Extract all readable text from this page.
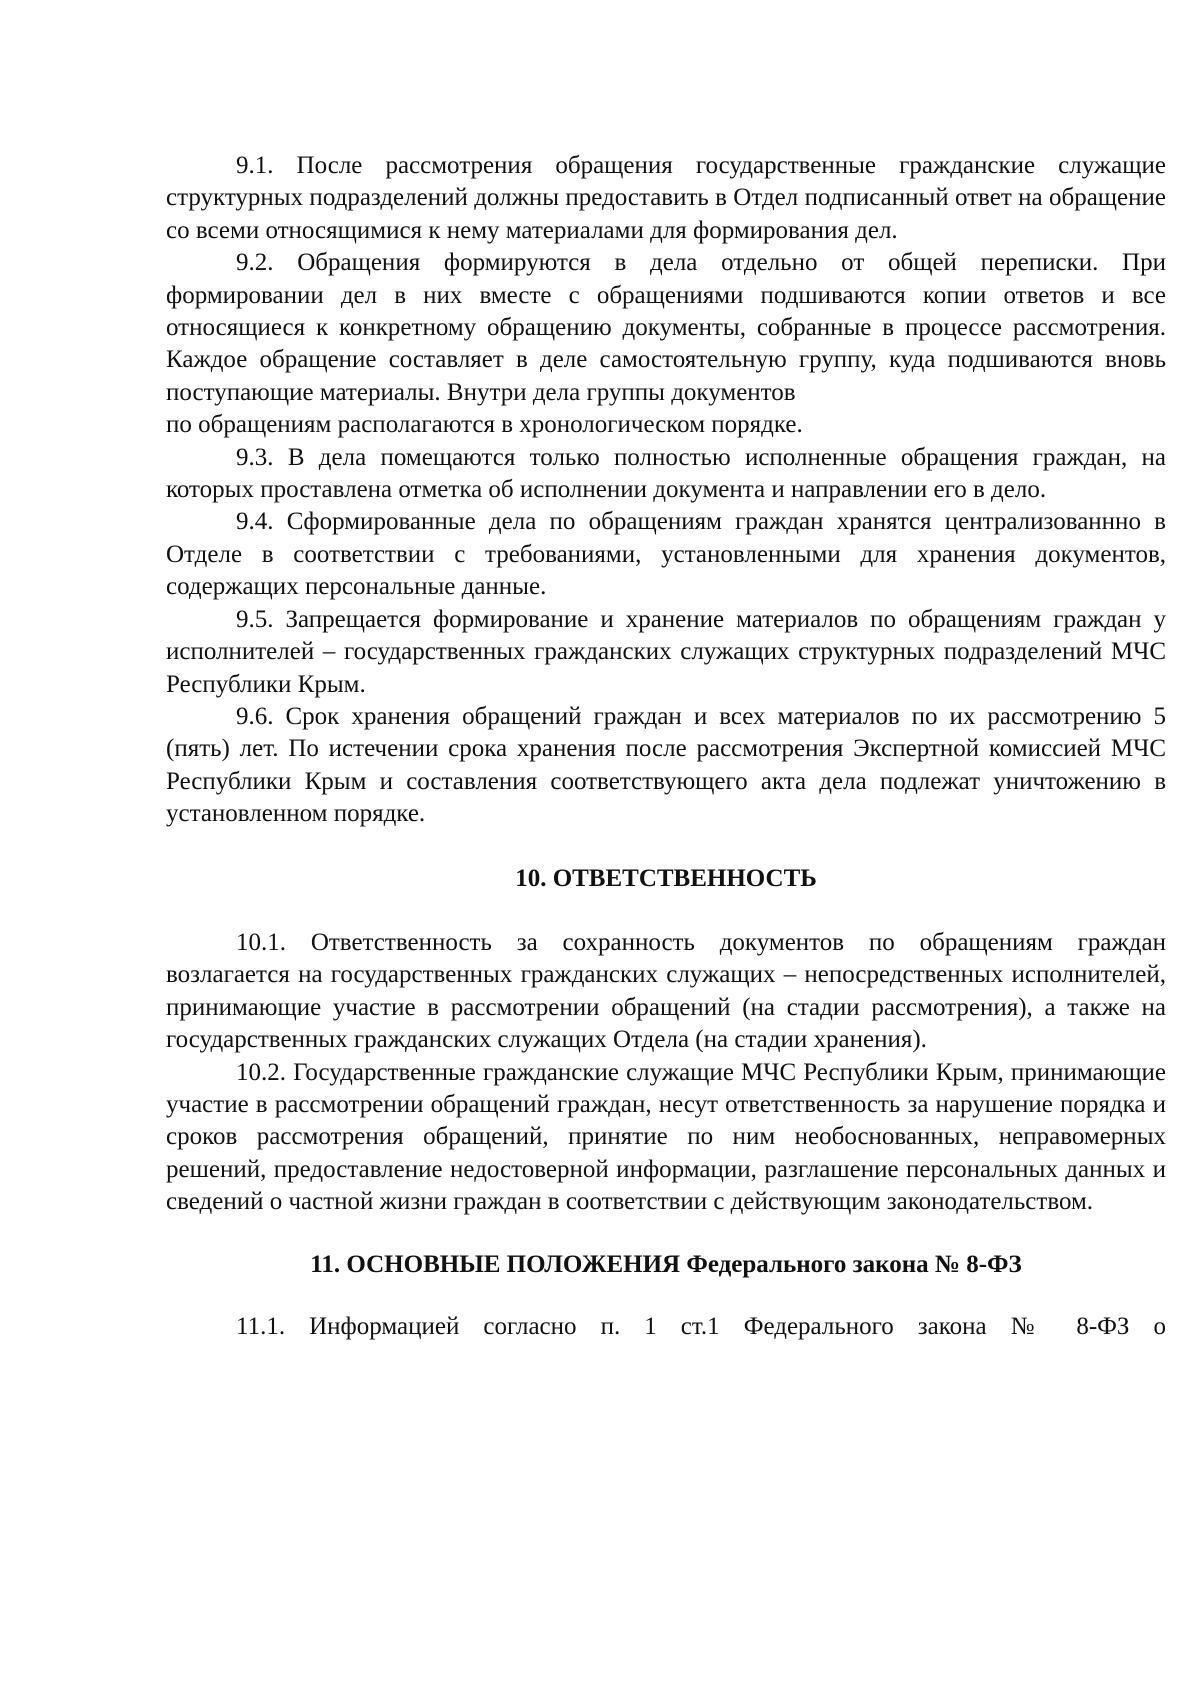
9.1. После рассмотрения обращения государственные гражданские служащие структурных подразделений должны предоставить в Отдел подписанный ответ на обращение со всеми относящимися к нему материалами для формирования дел.

9.2. Обращения формируются в дела отдельно от общей переписки. При формировании дел в них вместе с обращениями подшиваются копии ответов и все относящиеся к конкретному обращению документы, собранные в процессе рассмотрения. Каждое обращение составляет в деле самостоятельную группу, куда подшиваются вновь поступающие материалы. Внутри дела группы документов

по обращениям располагаются в хронологическом порядке.

9.3. В дела помещаются только полностью исполненные обращения граждан, на которых проставлена отметка об исполнении документа и направлении его в дело.

9.4. Сформированные дела по обращениям граждан хранятся централизованнно в Отделе в соответствии с требованиями, установленными для хранения документов, содержащих персональные данные.

9.5. Запрещается формирование и хранение материалов по обращениям граждан у исполнителей – государственных гражданских служащих структурных подразделений МЧС Республики Крым.

9.6. Срок хранения обращений граждан и всех материалов по их рассмотрению 5 (пять) лет. По истечении срока хранения после рассмотрения Экспертной комиссией МЧС Республики Крым и составления соответствующего акта дела подлежат уничтожению в установленном порядке.

10. ОТВЕТСТВЕННОСТЬ

10.1. Ответственность за сохранность документов по обращениям граждан возлагается на государственных гражданских служащих – непосредственных исполнителей, принимающие участие в рассмотрении обращений (на стадии рассмотрения), а также на государственных гражданских служащих Отдела (на стадии хранения).

10.2. Государственные гражданские служащие МЧС Республики Крым, принимающие участие в рассмотрении обращений граждан, несут ответственность за нарушение порядка и сроков рассмотрения обращений, принятие по ним необоснованных, неправомерных решений, предоставление недостоверной информации, разглашение персональных данных и сведений о частной жизни граждан в соответствии с действующим законодательством.

11. ОСНОВНЫЕ ПОЛОЖЕНИЯ Федерального закона № 8-ФЗ

11.1. Информацией согласно п. 1 ст.1 Федерального закона № 8-ФЗ о
